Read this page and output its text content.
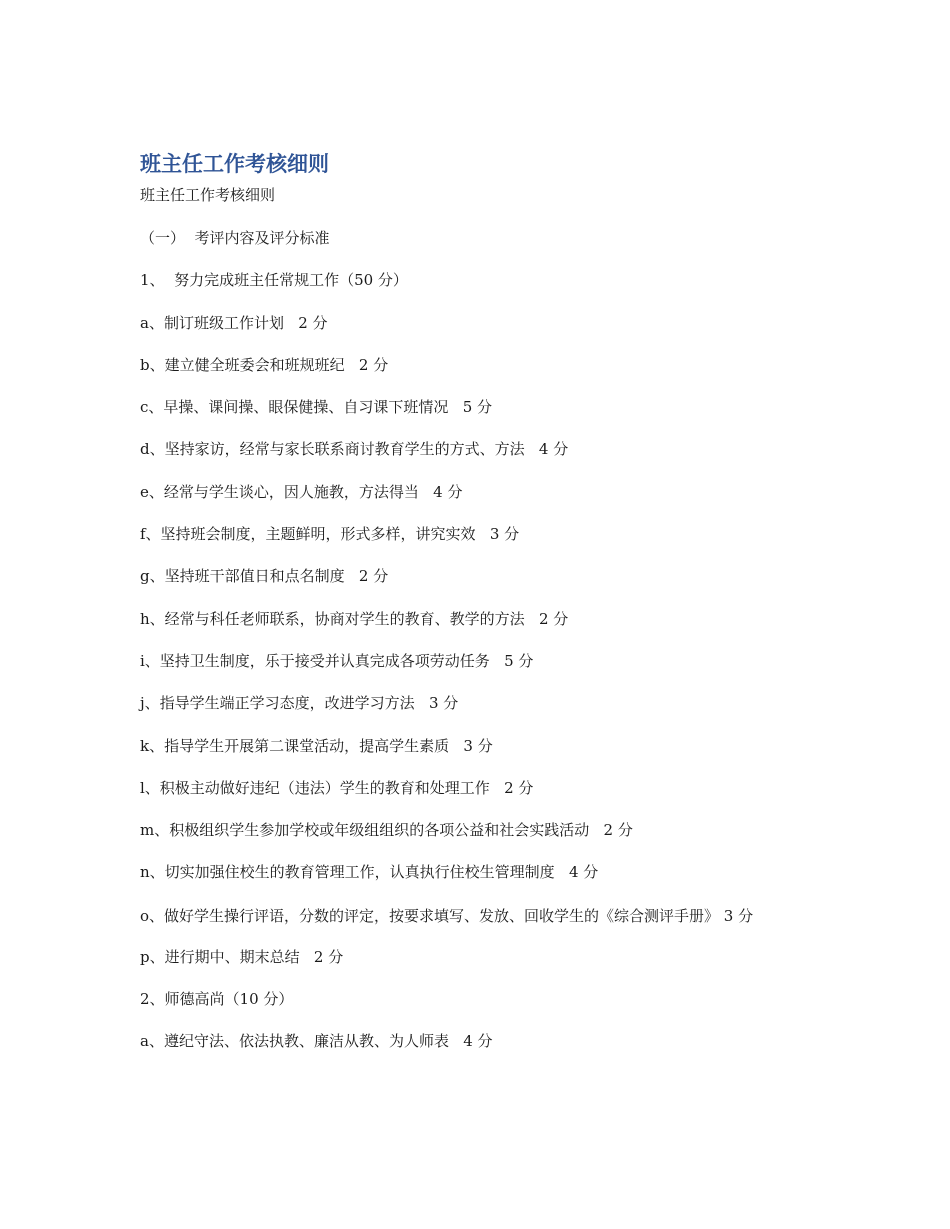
班主任工作考核细则
班主任工作考核细则
（一）  考评内容及评分标准
1、  努力完成班主任常规工作（50 分）
a、制订班级工作计划   2 分
b、建立健全班委会和班规班纪   2 分
c、早操、课间操、眼保健操、自习课下班情况   5 分
d、坚持家访，经常与家长联系商讨教育学生的方式、方法   4 分
e、经常与学生谈心，因人施教，方法得当   4 分
f、坚持班会制度，主题鲜明，形式多样，讲究实效   3 分
g、坚持班干部值日和点名制度   2 分
h、经常与科任老师联系，协商对学生的教育、教学的方法   2 分
i、坚持卫生制度，乐于接受并认真完成各项劳动任务   5 分
j、指导学生端正学习态度，改进学习方法   3 分
k、指导学生开展第二课堂活动，提高学生素质   3 分
l、积极主动做好违纪（违法）学生的教育和处理工作   2 分
m、积极组织学生参加学校或年级组组织的各项公益和社会实践活动   2 分
n、切实加强住校生的教育管理工作，认真执行住校生管理制度   4 分
o、做好学生操行评语，分数的评定，按要求填写、发放、回收学生的《综合测评手册》 3 分
p、进行期中、期末总结   2 分
2、师德高尚（10 分）
a、遵纪守法、依法执教、廉洁从教、为人师表   4 分
